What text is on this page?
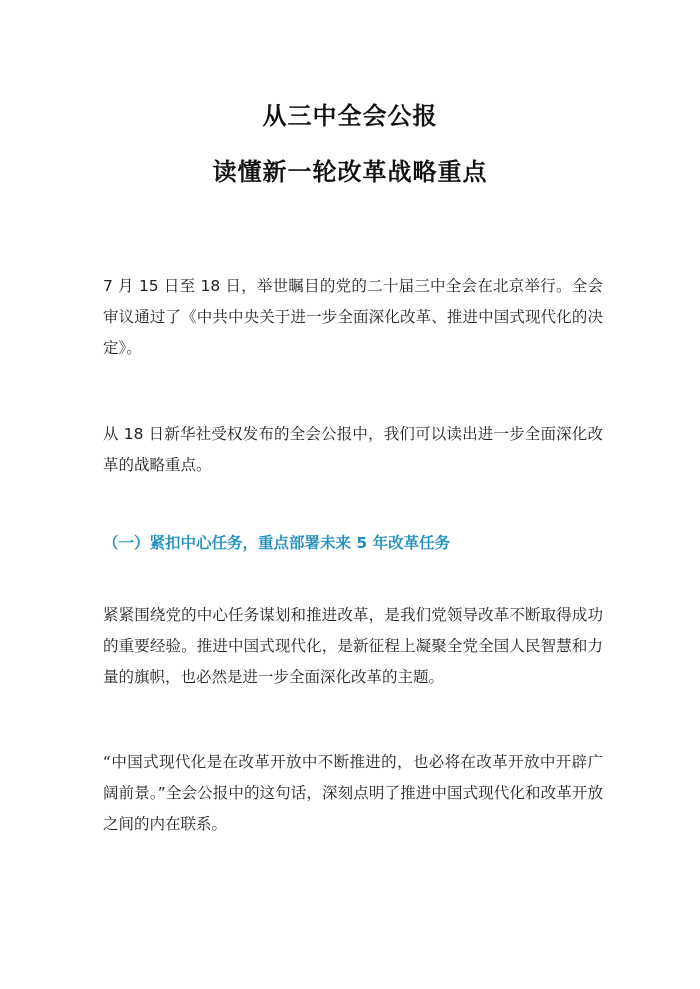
从三中全会公报
读懂新一轮改革战略重点

7 月 15 日至 18 日，举世瞩目的党的二十届三中全会在北京举行。全会审议通过了《中共中央关于进一步全面深化改革、推进中国式现代化的决定》。

从 18 日新华社受权发布的全会公报中，我们可以读出进一步全面深化改革的战略重点。

（一）紧扣中心任务，重点部署未来 5 年改革任务

紧紧围绕党的中心任务谋划和推进改革，是我们党领导改革不断取得成功的重要经验。推进中国式现代化，是新征程上凝聚全党全国人民智慧和力量的旗帜，也必然是进一步全面深化改革的主题。

“中国式现代化是在改革开放中不断推进的，也必将在改革开放中开辟广阔前景。”全会公报中的这句话，深刻点明了推进中国式现代化和改革开放之间的内在联系。
